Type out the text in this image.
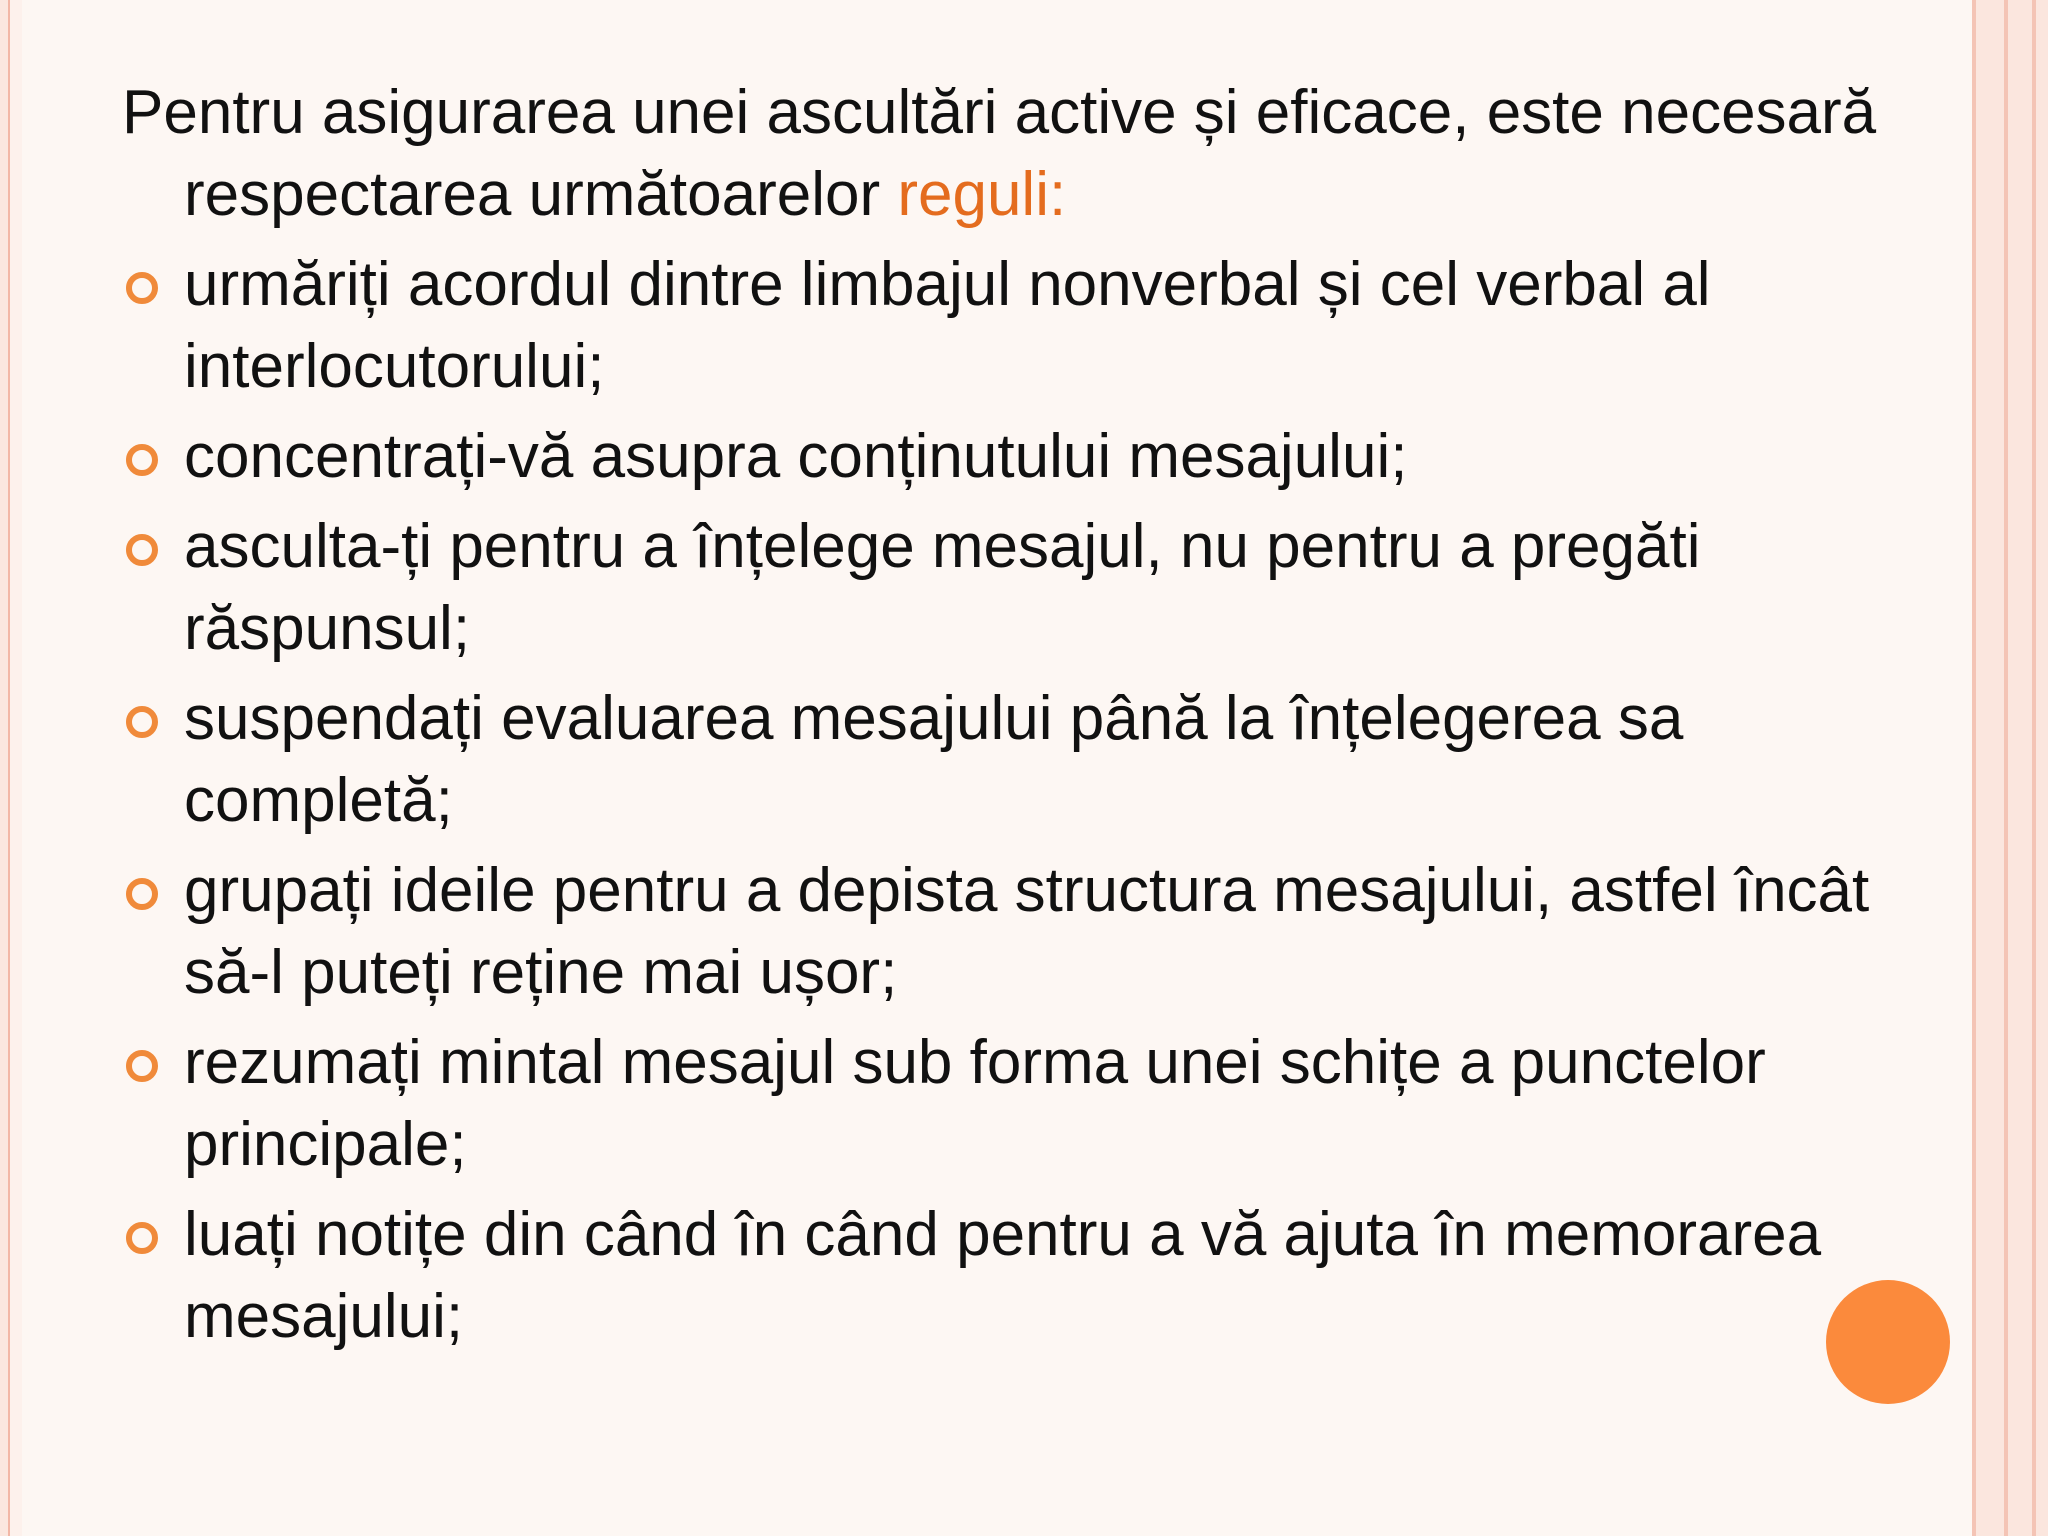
Pentru asigurarea unei ascultări active și eficace, este necesară respectarea următoarelor reguli:
urmăriți acordul dintre limbajul nonverbal și cel verbal al interlocutorului;
concentrați-vă asupra conținutului mesajului;
asculta-ți pentru a înțelege mesajul, nu pentru a pregăti răspunsul;
suspendați evaluarea mesajului până la înțelegerea sa completă;
grupați ideile pentru a depista structura mesajului, astfel încât să-l puteți reține mai ușor;
rezumați mintal mesajul sub forma unei schițe a punctelor principale;
luați notițe din când în când pentru a vă ajuta în memorarea mesajului;
